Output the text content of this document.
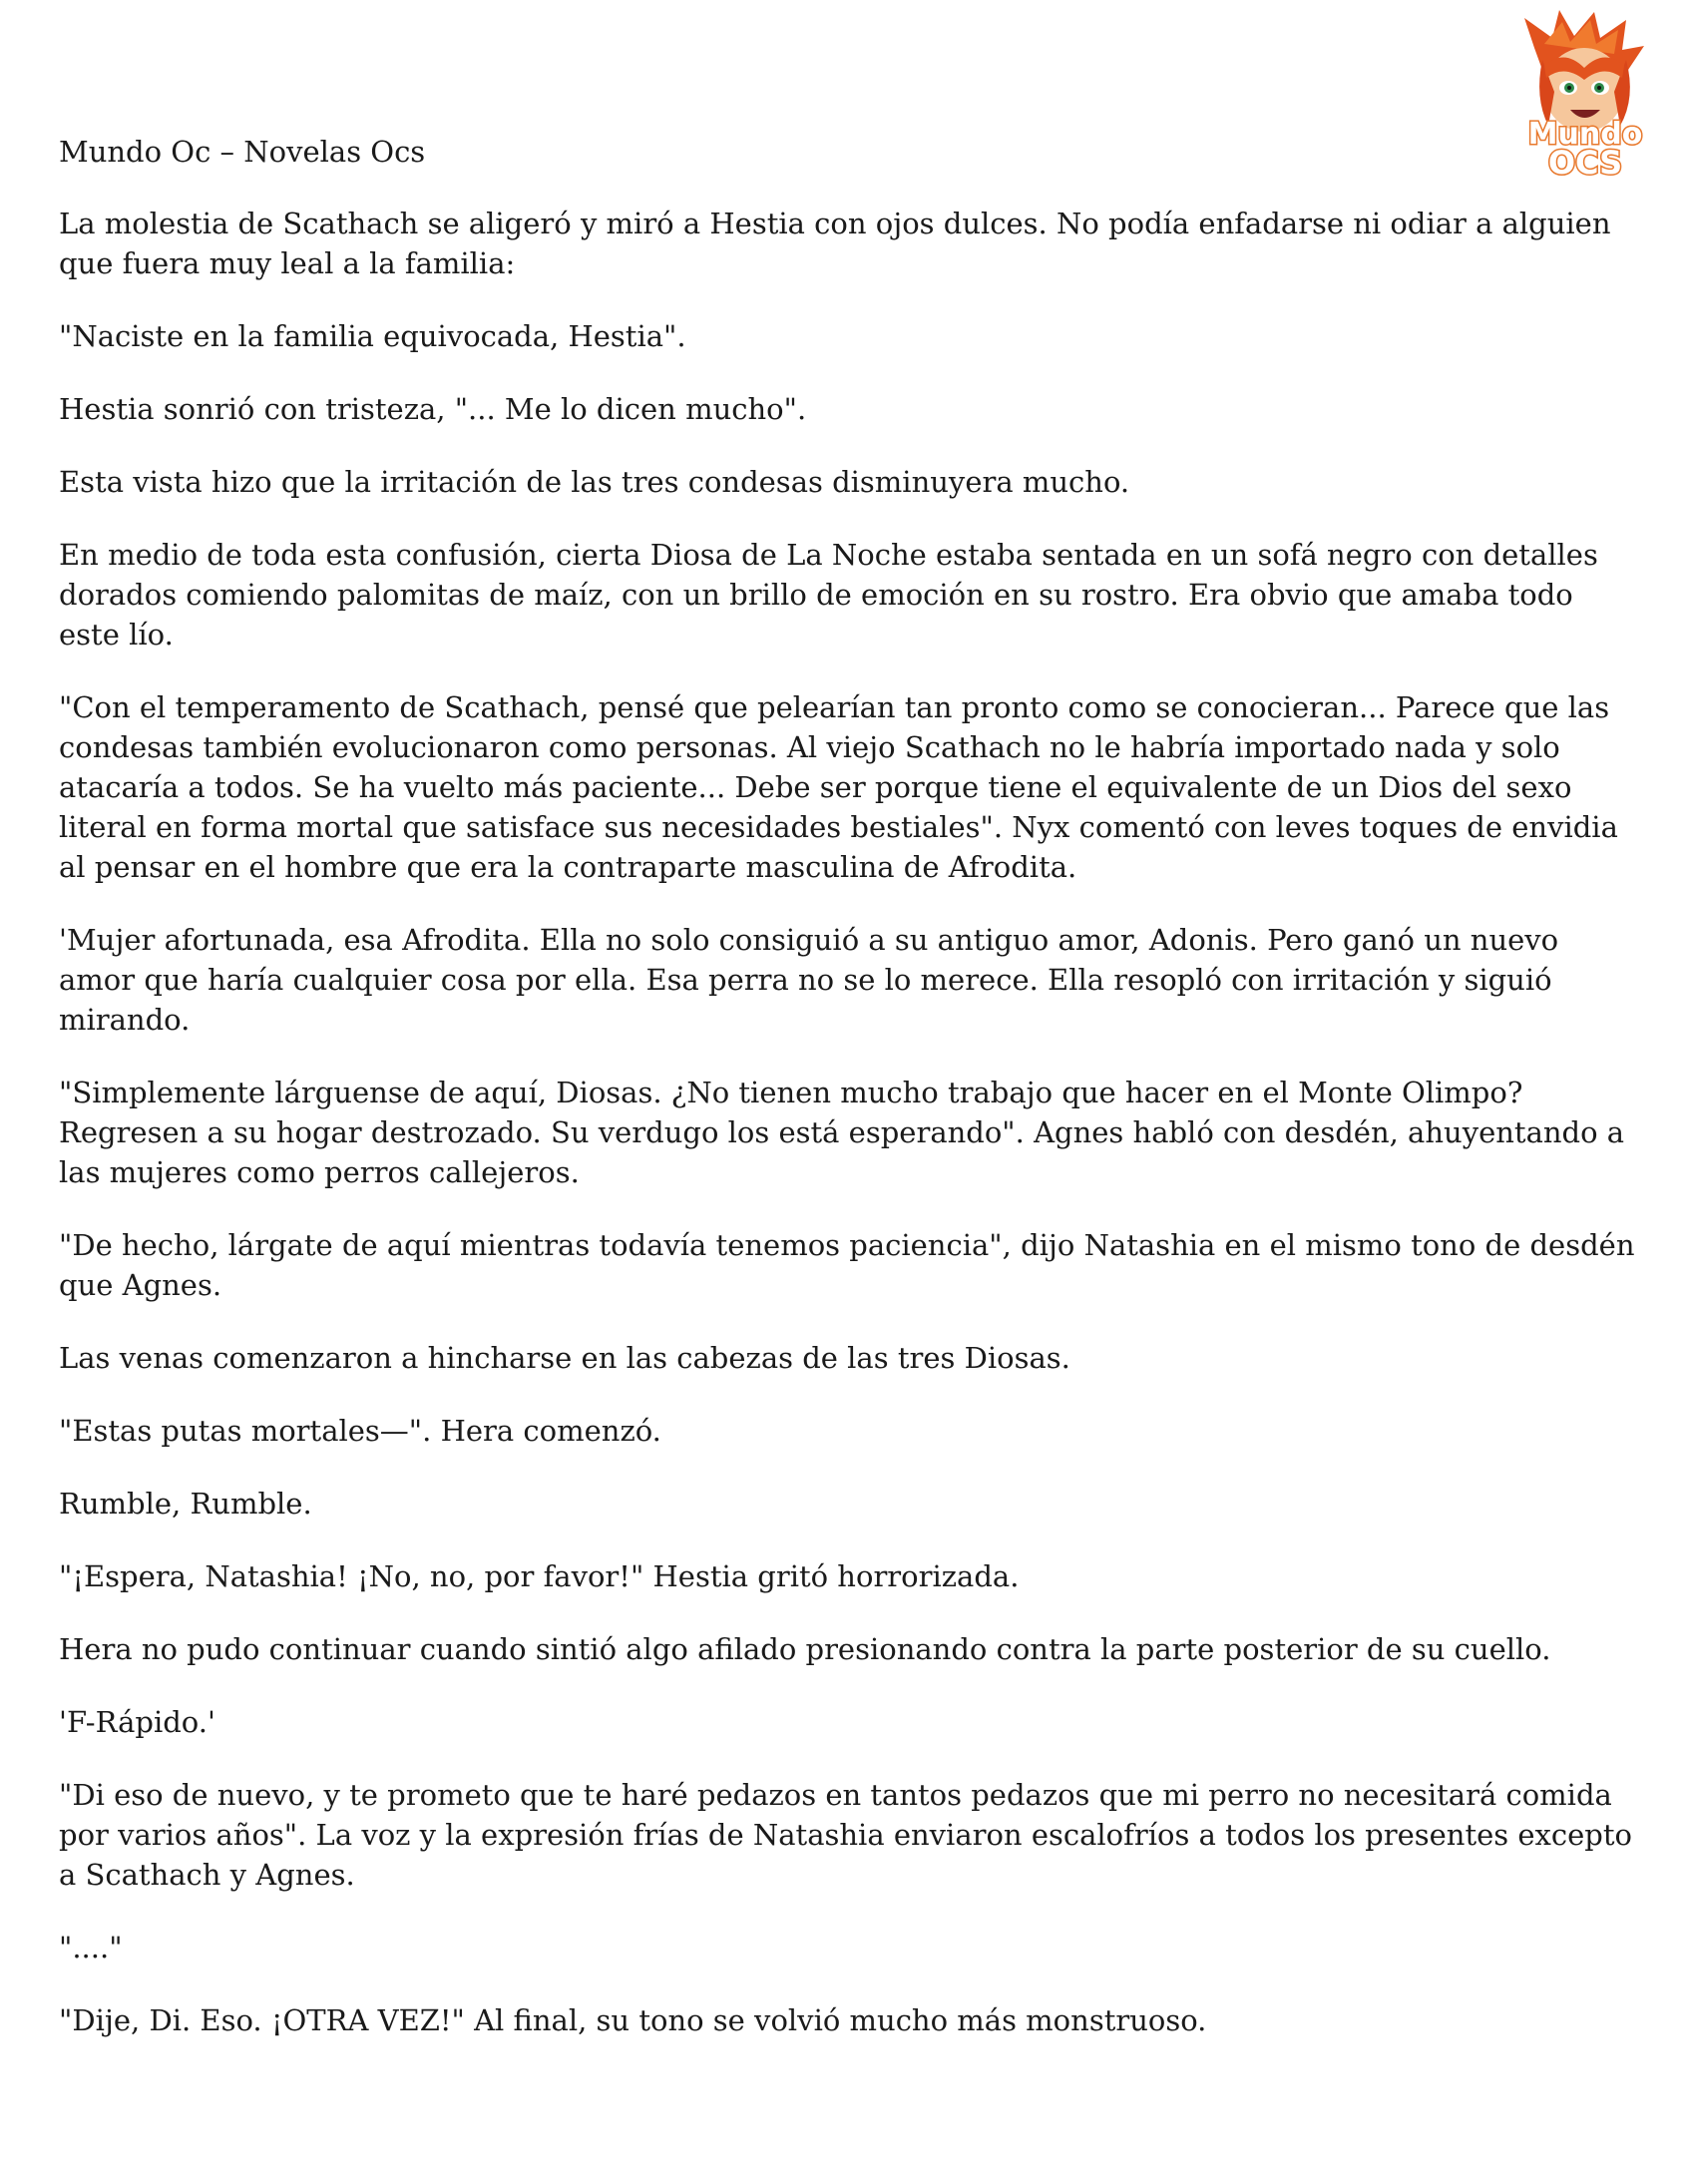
Mundo
OCS
Mundo Oc – Novelas Ocs

La molestia de Scathach se aligeró y miró a Hestia con ojos dulces. No podía enfadarse ni odiar a alguien que fuera muy leal a la familia:

"Naciste en la familia equivocada, Hestia".

Hestia sonrió con tristeza, "... Me lo dicen mucho".

Esta vista hizo que la irritación de las tres condesas disminuyera mucho.

En medio de toda esta confusión, cierta Diosa de La Noche estaba sentada en un sofá negro con detalles dorados comiendo palomitas de maíz, con un brillo de emoción en su rostro. Era obvio que amaba todo este lío.

"Con el temperamento de Scathach, pensé que pelearían tan pronto como se conocieran... Parece que las condesas también evolucionaron como personas. Al viejo Scathach no le habría importado nada y solo atacaría a todos. Se ha vuelto más paciente... Debe ser porque tiene el equivalente de un Dios del sexo literal en forma mortal que satisface sus necesidades bestiales". Nyx comentó con leves toques de envidia al pensar en el hombre que era la contraparte masculina de Afrodita.

'Mujer afortunada, esa Afrodita. Ella no solo consiguió a su antiguo amor, Adonis. Pero ganó un nuevo amor que haría cualquier cosa por ella. Esa perra no se lo merece. Ella resopló con irritación y siguió mirando.

"Simplemente lárguense de aquí, Diosas. ¿No tienen mucho trabajo que hacer en el Monte Olimpo? Regresen a su hogar destrozado. Su verdugo los está esperando". Agnes habló con desdén, ahuyentando a las mujeres como perros callejeros.

"De hecho, lárgate de aquí mientras todavía tenemos paciencia", dijo Natashia en el mismo tono de desdén que Agnes.

Las venas comenzaron a hincharse en las cabezas de las tres Diosas.

"Estas putas mortales—". Hera comenzó.

Rumble, Rumble.

"¡Espera, Natashia! ¡No, no, por favor!" Hestia gritó horrorizada.

Hera no pudo continuar cuando sintió algo afilado presionando contra la parte posterior de su cuello.

'F-Rápido.'

"Di eso de nuevo, y te prometo que te haré pedazos en tantos pedazos que mi perro no necesitará comida por varios años". La voz y la expresión frías de Natashia enviaron escalofríos a todos los presentes excepto a Scathach y Agnes.

"...."

"Dije, Di. Eso. ¡OTRA VEZ!" Al final, su tono se volvió mucho más monstruoso.
